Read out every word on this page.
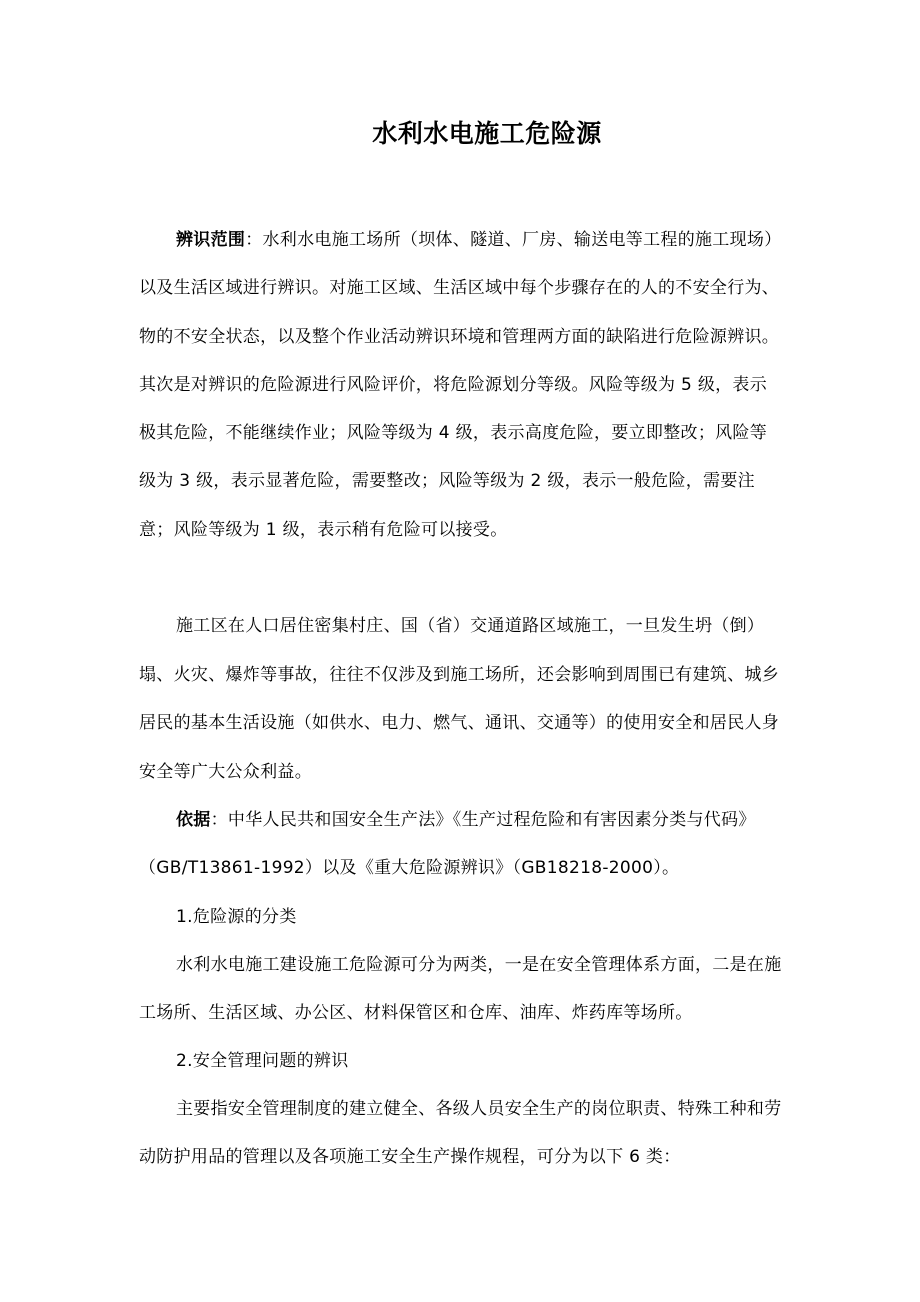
水利水电施工危险源

辨识范围：水利水电施工场所（坝体、隧道、厂房、输送电等工程的施工现场）以及生活区域进行辨识。对施工区域、生活区域中每个步骤存在的人的不安全行为、物的不安全状态，以及整个作业活动辨识环境和管理两方面的缺陷进行危险源辨识。其次是对辨识的危险源进行风险评价，将危险源划分等级。风险等级为 5 级，表示极其危险，不能继续作业；风险等级为 4 级，表示高度危险，要立即整改；风险等级为 3 级，表示显著危险，需要整改；风险等级为 2 级，表示一般危险，需要注意；风险等级为 1 级，表示稍有危险可以接受。

施工区在人口居住密集村庄、国（省）交通道路区域施工，一旦发生坍（倒）塌、火灾、爆炸等事故，往往不仅涉及到施工场所，还会影响到周围已有建筑、城乡居民的基本生活设施（如供水、电力、燃气、通讯、交通等）的使用安全和居民人身安全等广大公众利益。

依据：中华人民共和国安全生产法》《生产过程危险和有害因素分类与代码》（GB/T13861-1992）以及《重大危险源辨识》（GB18218-2000）。

1.危险源的分类

水利水电施工建设施工危险源可分为两类，一是在安全管理体系方面，二是在施工场所、生活区域、办公区、材料保管区和仓库、油库、炸药库等场所。

2.安全管理问题的辨识

主要指安全管理制度的建立健全、各级人员安全生产的岗位职责、特殊工种和劳动防护用品的管理以及各项施工安全生产操作规程，可分为以下 6 类：
